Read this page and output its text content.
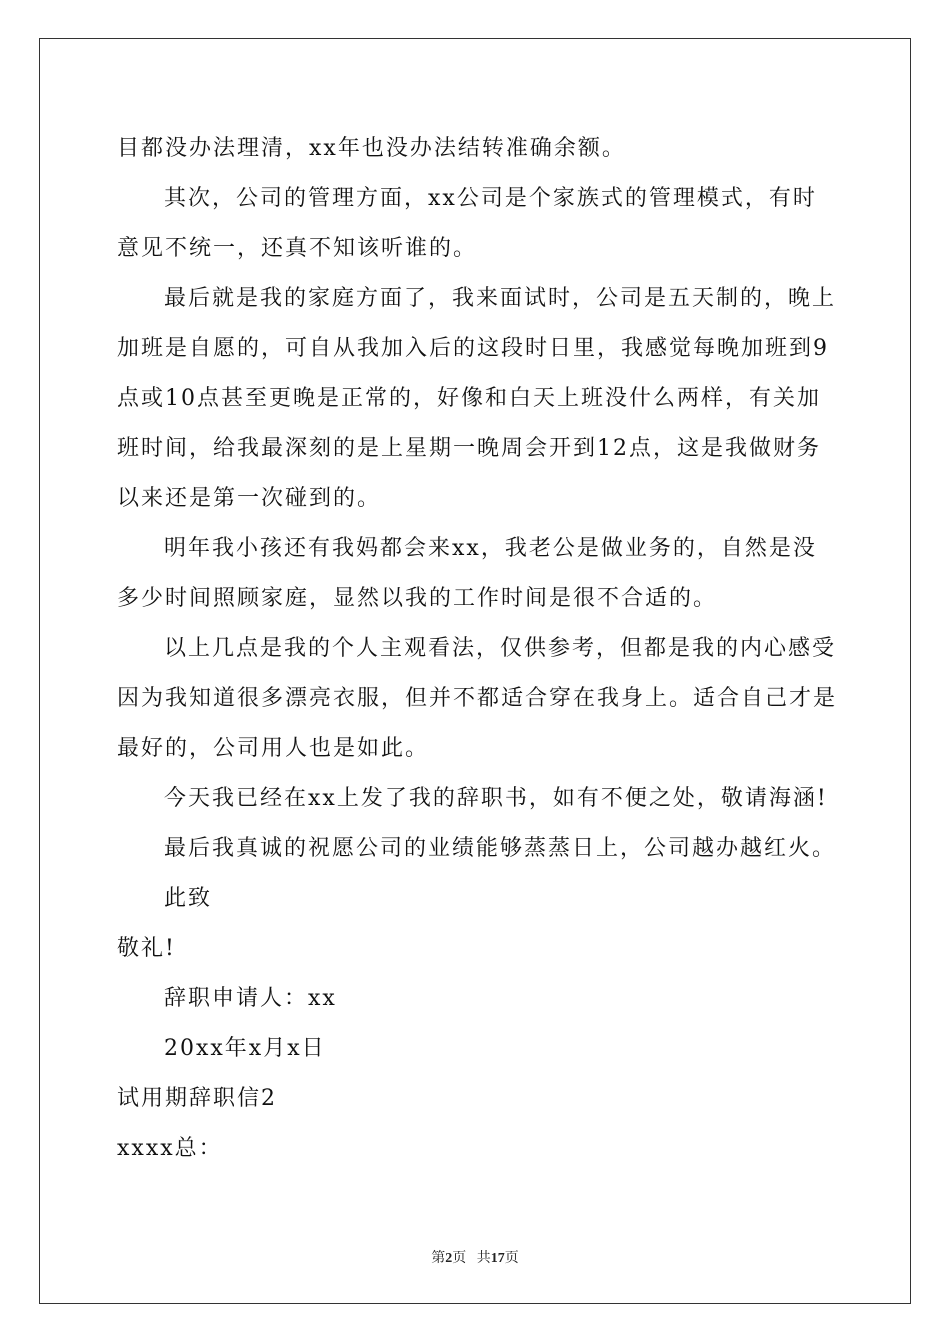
目都没办法理清，xx年也没办法结转准确余额。
其次，公司的管理方面，xx公司是个家族式的管理模式，有时
意见不统一，还真不知该听谁的。
最后就是我的家庭方面了，我来面试时，公司是五天制的，晚上
加班是自愿的，可自从我加入后的这段时日里，我感觉每晚加班到9
点或10点甚至更晚是正常的，好像和白天上班没什么两样，有关加
班时间，给我最深刻的是上星期一晚周会开到12点，这是我做财务
以来还是第一次碰到的。
明年我小孩还有我妈都会来xx，我老公是做业务的，自然是没
多少时间照顾家庭，显然以我的工作时间是很不合适的。
以上几点是我的个人主观看法，仅供参考，但都是我的内心感受
因为我知道很多漂亮衣服，但并不都适合穿在我身上。适合自己才是
最好的，公司用人也是如此。
今天我已经在xx上发了我的辞职书，如有不便之处，敬请海涵!
最后我真诚的祝愿公司的业绩能够蒸蒸日上，公司越办越红火。
此致
敬礼!
辞职申请人：xx
20xx年x月x日
试用期辞职信2
xxxx总：
第2页 共17页
